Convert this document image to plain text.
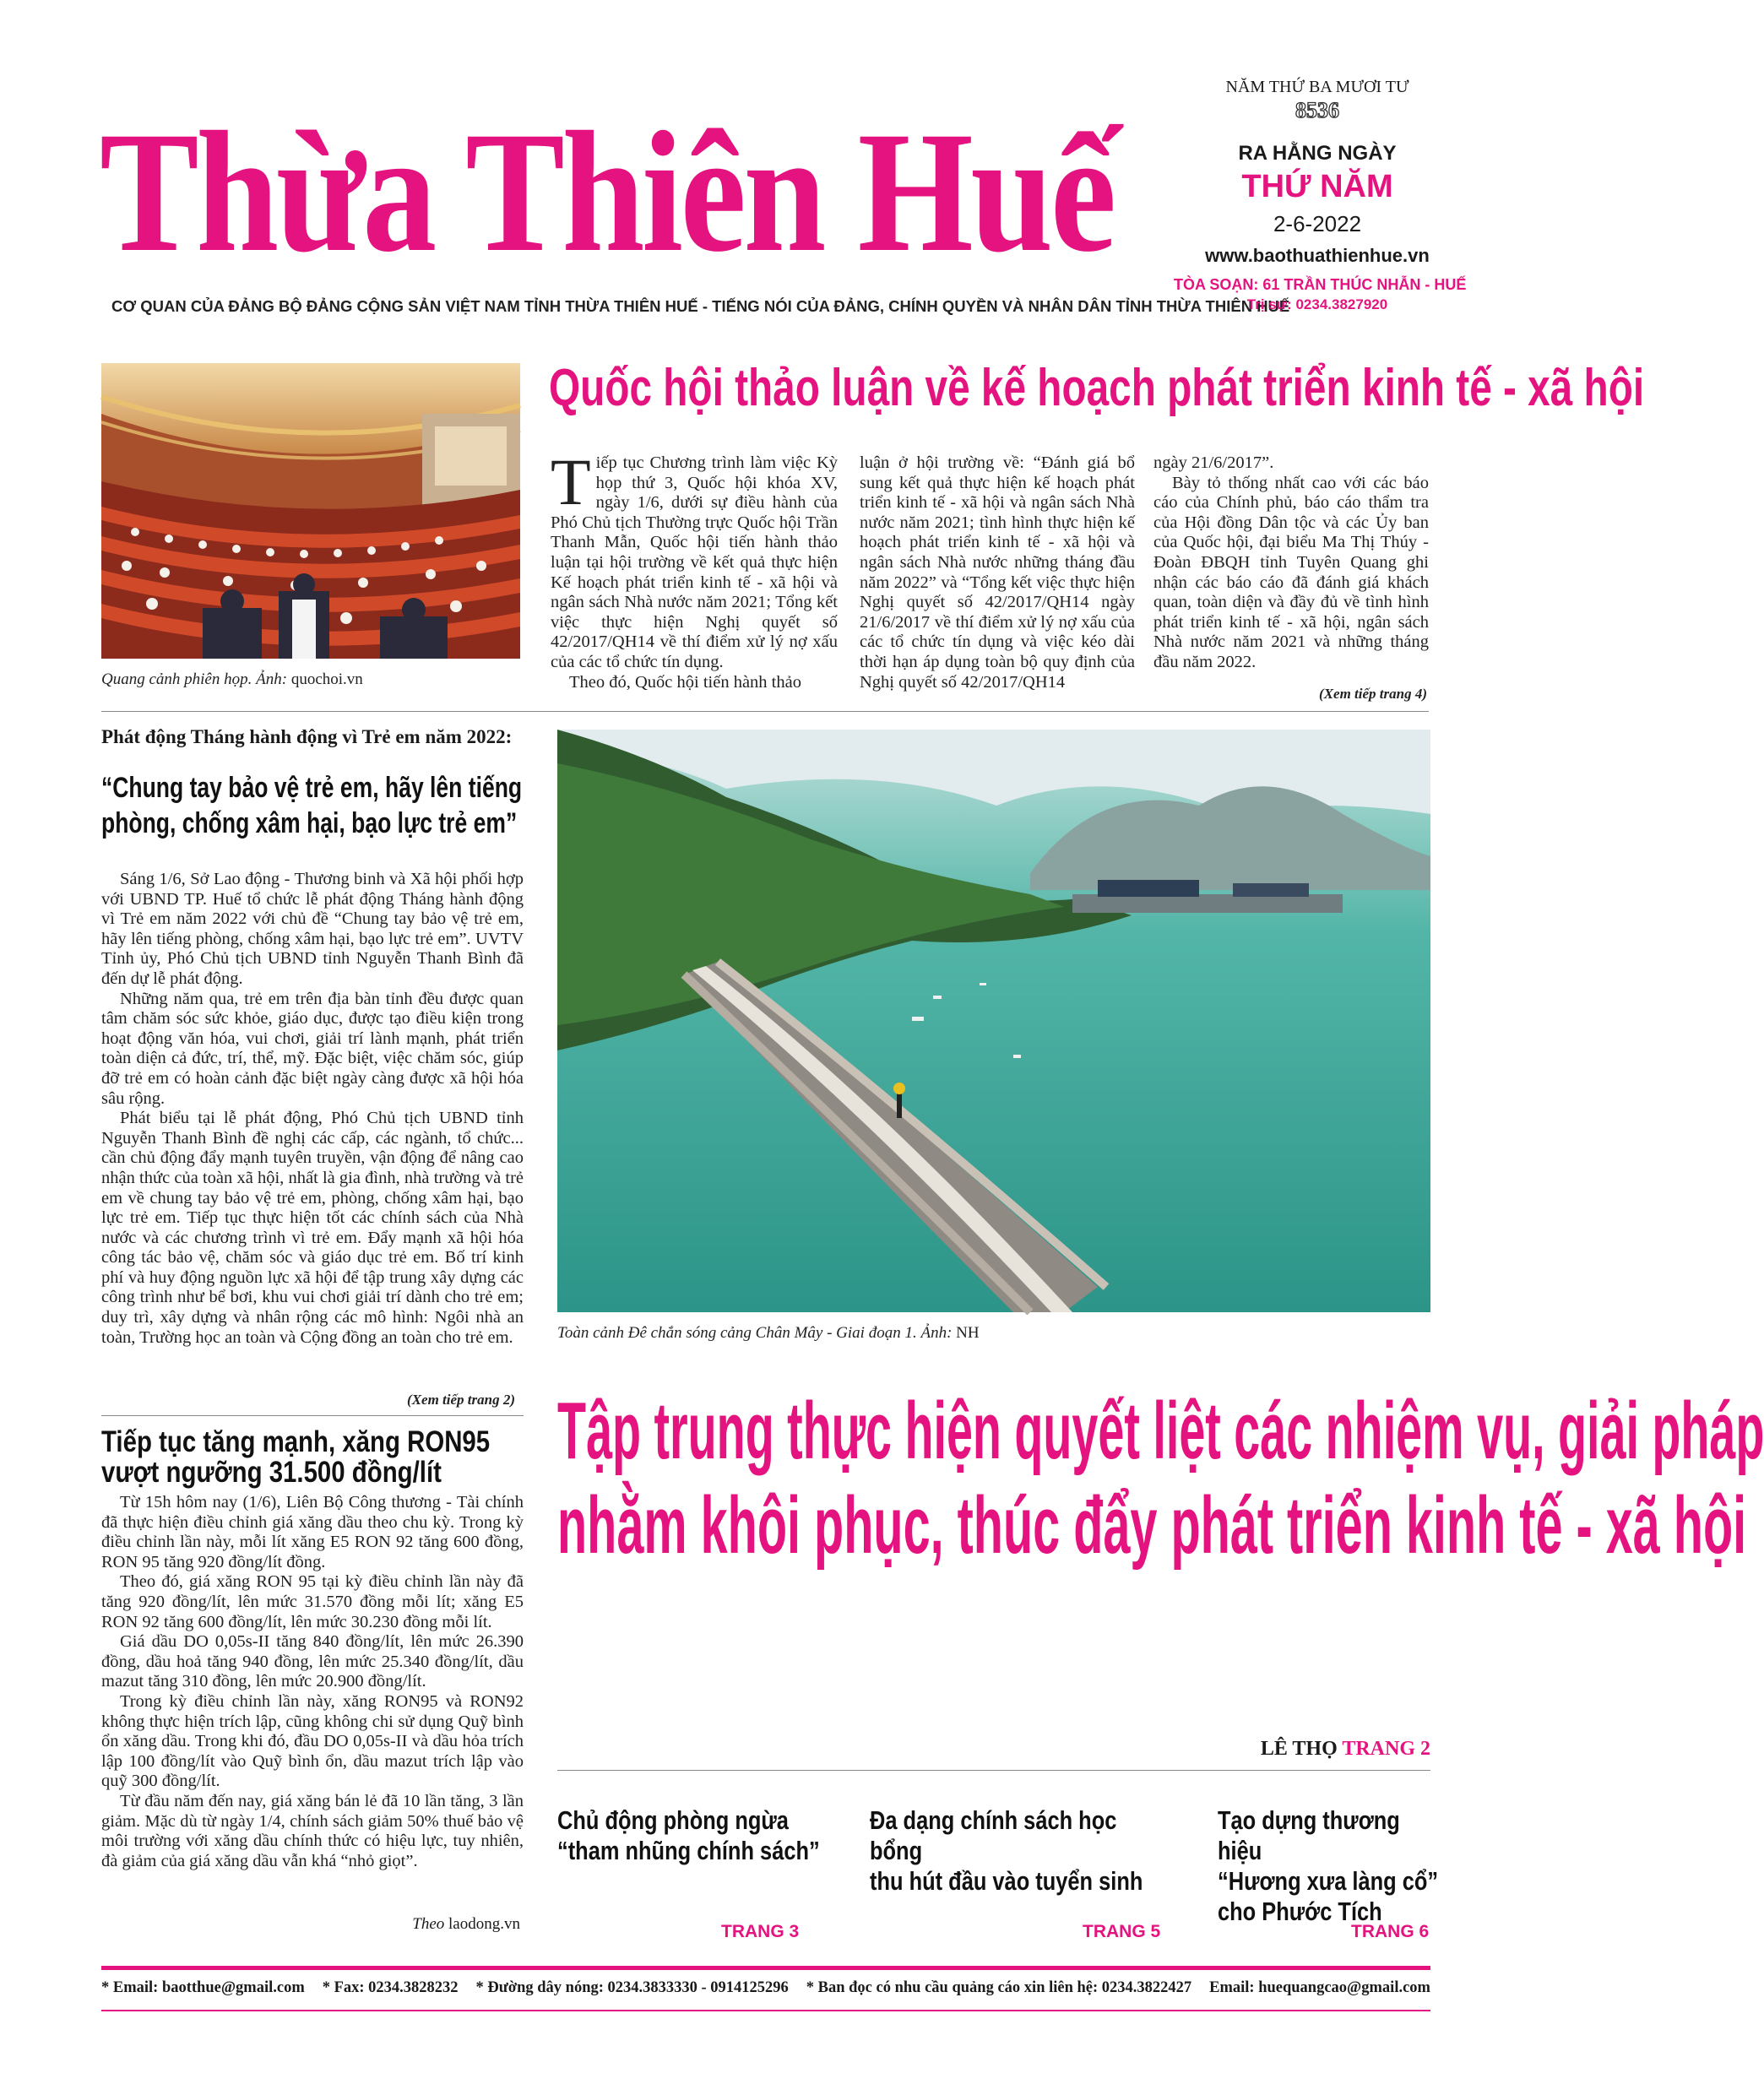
Thừa Thiên Huế
CƠ QUAN CỦA ĐẢNG BỘ ĐẢNG CỘNG SẢN VIỆT NAM TỈNH THỪA THIÊN HUẾ - TIẾNG NÓI CỦA ĐẢNG, CHÍNH QUYỀN VÀ NHÂN DÂN TỈNH THỪA THIÊN HUẾ
NĂM THỨ BA MƯƠI TƯ
8536
RA HẰNG NGÀY
THỨ NĂM
2-6-2022
www.baothuathienhue.vn
TÒA SOẠN: 61 TRẦN THÚC NHẪN - HUẾ
Trị sự: 0234.3827920
Quang cảnh phiên họp. Ảnh: quochoi.vn
Quốc hội thảo luận về kế hoạch phát triển kinh tế - xã hội
T iếp tục Chương trình làm việc Kỳ họp thứ 3, Quốc hội khóa XV, ngày 1/6, dưới sự điều hành của Phó Chủ tịch Thường trực Quốc hội Trần Thanh Mẫn, Quốc hội tiến hành thảo luận tại hội trường về kết quả thực hiện Kế hoạch phát triển kinh tế - xã hội và ngân sách Nhà nước năm 2021; Tổng kết việc thực hiện Nghị quyết số 42/2017/QH14 về thí điểm xử lý nợ xấu của các tổ chức tín dụng.

Theo đó, Quốc hội tiến hành thảo

luận ở hội trường về: “Đánh giá bổ sung kết quả thực hiện kế hoạch phát triển kinh tế - xã hội và ngân sách Nhà nước năm 2021; tình hình thực hiện kế hoạch phát triển kinh tế - xã hội và ngân sách Nhà nước những tháng đầu năm 2022” và “Tổng kết việc thực hiện Nghị quyết số 42/2017/QH14 ngày 21/6/2017 về thí điểm xử lý nợ xấu của các tổ chức tín dụng và việc kéo dài thời hạn áp dụng toàn bộ quy định của Nghị quyết số 42/2017/QH14
ngày 21/6/2017”.

Bày tỏ thống nhất cao với các báo cáo của Chính phủ, báo cáo thẩm tra của Hội đồng Dân tộc và các Ủy ban của Quốc hội, đại biểu Ma Thị Thúy - Đoàn ĐBQH tỉnh Tuyên Quang ghi nhận các báo cáo đã đánh giá khách quan, toàn diện và đầy đủ về tình hình phát triển kinh tế - xã hội, ngân sách Nhà nước năm 2021 và những tháng đầu năm 2022.

(Xem tiếp trang 4)
Phát động Tháng hành động vì Trẻ em năm 2022:
“Chung tay bảo vệ trẻ em, hãy lên tiếng phòng, chống xâm hại, bạo lực trẻ em”

Sáng 1/6, Sở Lao động - Thương binh và Xã hội phối hợp với UBND TP. Huế tổ chức lễ phát động Tháng hành động vì Trẻ em năm 2022 với chủ đề “Chung tay bảo vệ trẻ em, hãy lên tiếng phòng, chống xâm hại, bạo lực trẻ em”. UVTV Tỉnh ủy, Phó Chủ tịch UBND tỉnh Nguyễn Thanh Bình đã đến dự lễ phát động.

Những năm qua, trẻ em trên địa bàn tỉnh đều được quan tâm chăm sóc sức khỏe, giáo dục, được tạo điều kiện trong hoạt động văn hóa, vui chơi, giải trí lành mạnh, phát triển toàn diện cả đức, trí, thể, mỹ. Đặc biệt, việc chăm sóc, giúp đỡ trẻ em có hoàn cảnh đặc biệt ngày càng được xã hội hóa sâu rộng.

Phát biểu tại lễ phát động, Phó Chủ tịch UBND tỉnh Nguyễn Thanh Bình đề nghị các cấp, các ngành, tổ chức... cần chủ động đẩy mạnh tuyên truyền, vận động để nâng cao nhận thức của toàn xã hội, nhất là gia đình, nhà trường và trẻ em về chung tay bảo vệ trẻ em, phòng, chống xâm hại, bạo lực trẻ em. Tiếp tục thực hiện tốt các chính sách của Nhà nước và các chương trình vì trẻ em. Đẩy mạnh xã hội hóa công tác bảo vệ, chăm sóc và giáo dục trẻ em. Bố trí kinh phí và huy động nguồn lực xã hội để tập trung xây dựng các công trình như bể bơi, khu vui chơi giải trí dành cho trẻ em; duy trì, xây dựng và nhân rộng các mô hình: Ngôi nhà an toàn, Trường học an toàn và Cộng đồng an toàn cho trẻ em.

(Xem tiếp trang 2)
Tiếp tục tăng mạnh, xăng RON95 vượt ngưỡng 31.500 đồng/lít

Từ 15h hôm nay (1/6), Liên Bộ Công thương - Tài chính đã thực hiện điều chỉnh giá xăng dầu theo chu kỳ. Trong kỳ điều chỉnh lần này, mỗi lít xăng E5 RON 92 tăng 600 đồng, RON 95 tăng 920 đồng/lít đồng.

Theo đó, giá xăng RON 95 tại kỳ điều chỉnh lần này đã tăng 920 đồng/lít, lên mức 31.570 đồng mỗi lít; xăng E5 RON 92 tăng 600 đồng/lít, lên mức 30.230 đồng mỗi lít.

Giá dầu DO 0,05s-II tăng 840 đồng/lít, lên mức 26.390 đồng, dầu hoả tăng 940 đồng, lên mức 25.340 đồng/lít, dầu mazut tăng 310 đồng, lên mức 20.900 đồng/lít.

Trong kỳ điều chỉnh lần này, xăng RON95 và RON92 không thực hiện trích lập, cũng không chi sử dụng Quỹ bình ổn xăng dầu. Trong khi đó, đầu DO 0,05s-II và dầu hỏa trích lập 100 đồng/lít vào Quỹ bình ổn, dầu mazut trích lập vào quỹ 300 đồng/lít.

Từ đầu năm đến nay, giá xăng bán lẻ đã 10 lần tăng, 3 lần giảm. Mặc dù từ ngày 1/4, chính sách giảm 50% thuế bảo vệ môi trường với xăng dầu chính thức có hiệu lực, tuy nhiên, đà giảm của giá xăng dầu vẫn khá “nhỏ giọt”.

Theo laodong.vn
Toàn cảnh Đê chắn sóng cảng Chân Mây - Giai đoạn 1. Ảnh: NH
Tập trung thực hiện quyết liệt các nhiệm vụ, giải pháp
nhằm khôi phục, thúc đẩy phát triển kinh tế - xã hội
LÊ THỌ TRANG 2
Chủ động phòng ngừa
“tham nhũng chính sách”
TRANG 3
Đa dạng chính sách học bổng
thu hút đầu vào tuyển sinh
TRANG 5
Tạo dựng thương hiệu
“Hương xưa làng cổ”
cho Phước Tích
TRANG 6
* Email: baotthue@gmail.com * Fax: 0234.3828232 * Đường dây nóng: 0234.3833330 - 0914125296 * Ban đọc có nhu cầu quảng cáo xin liên hệ: 0234.3822427 Email: huequangcao@gmail.com
